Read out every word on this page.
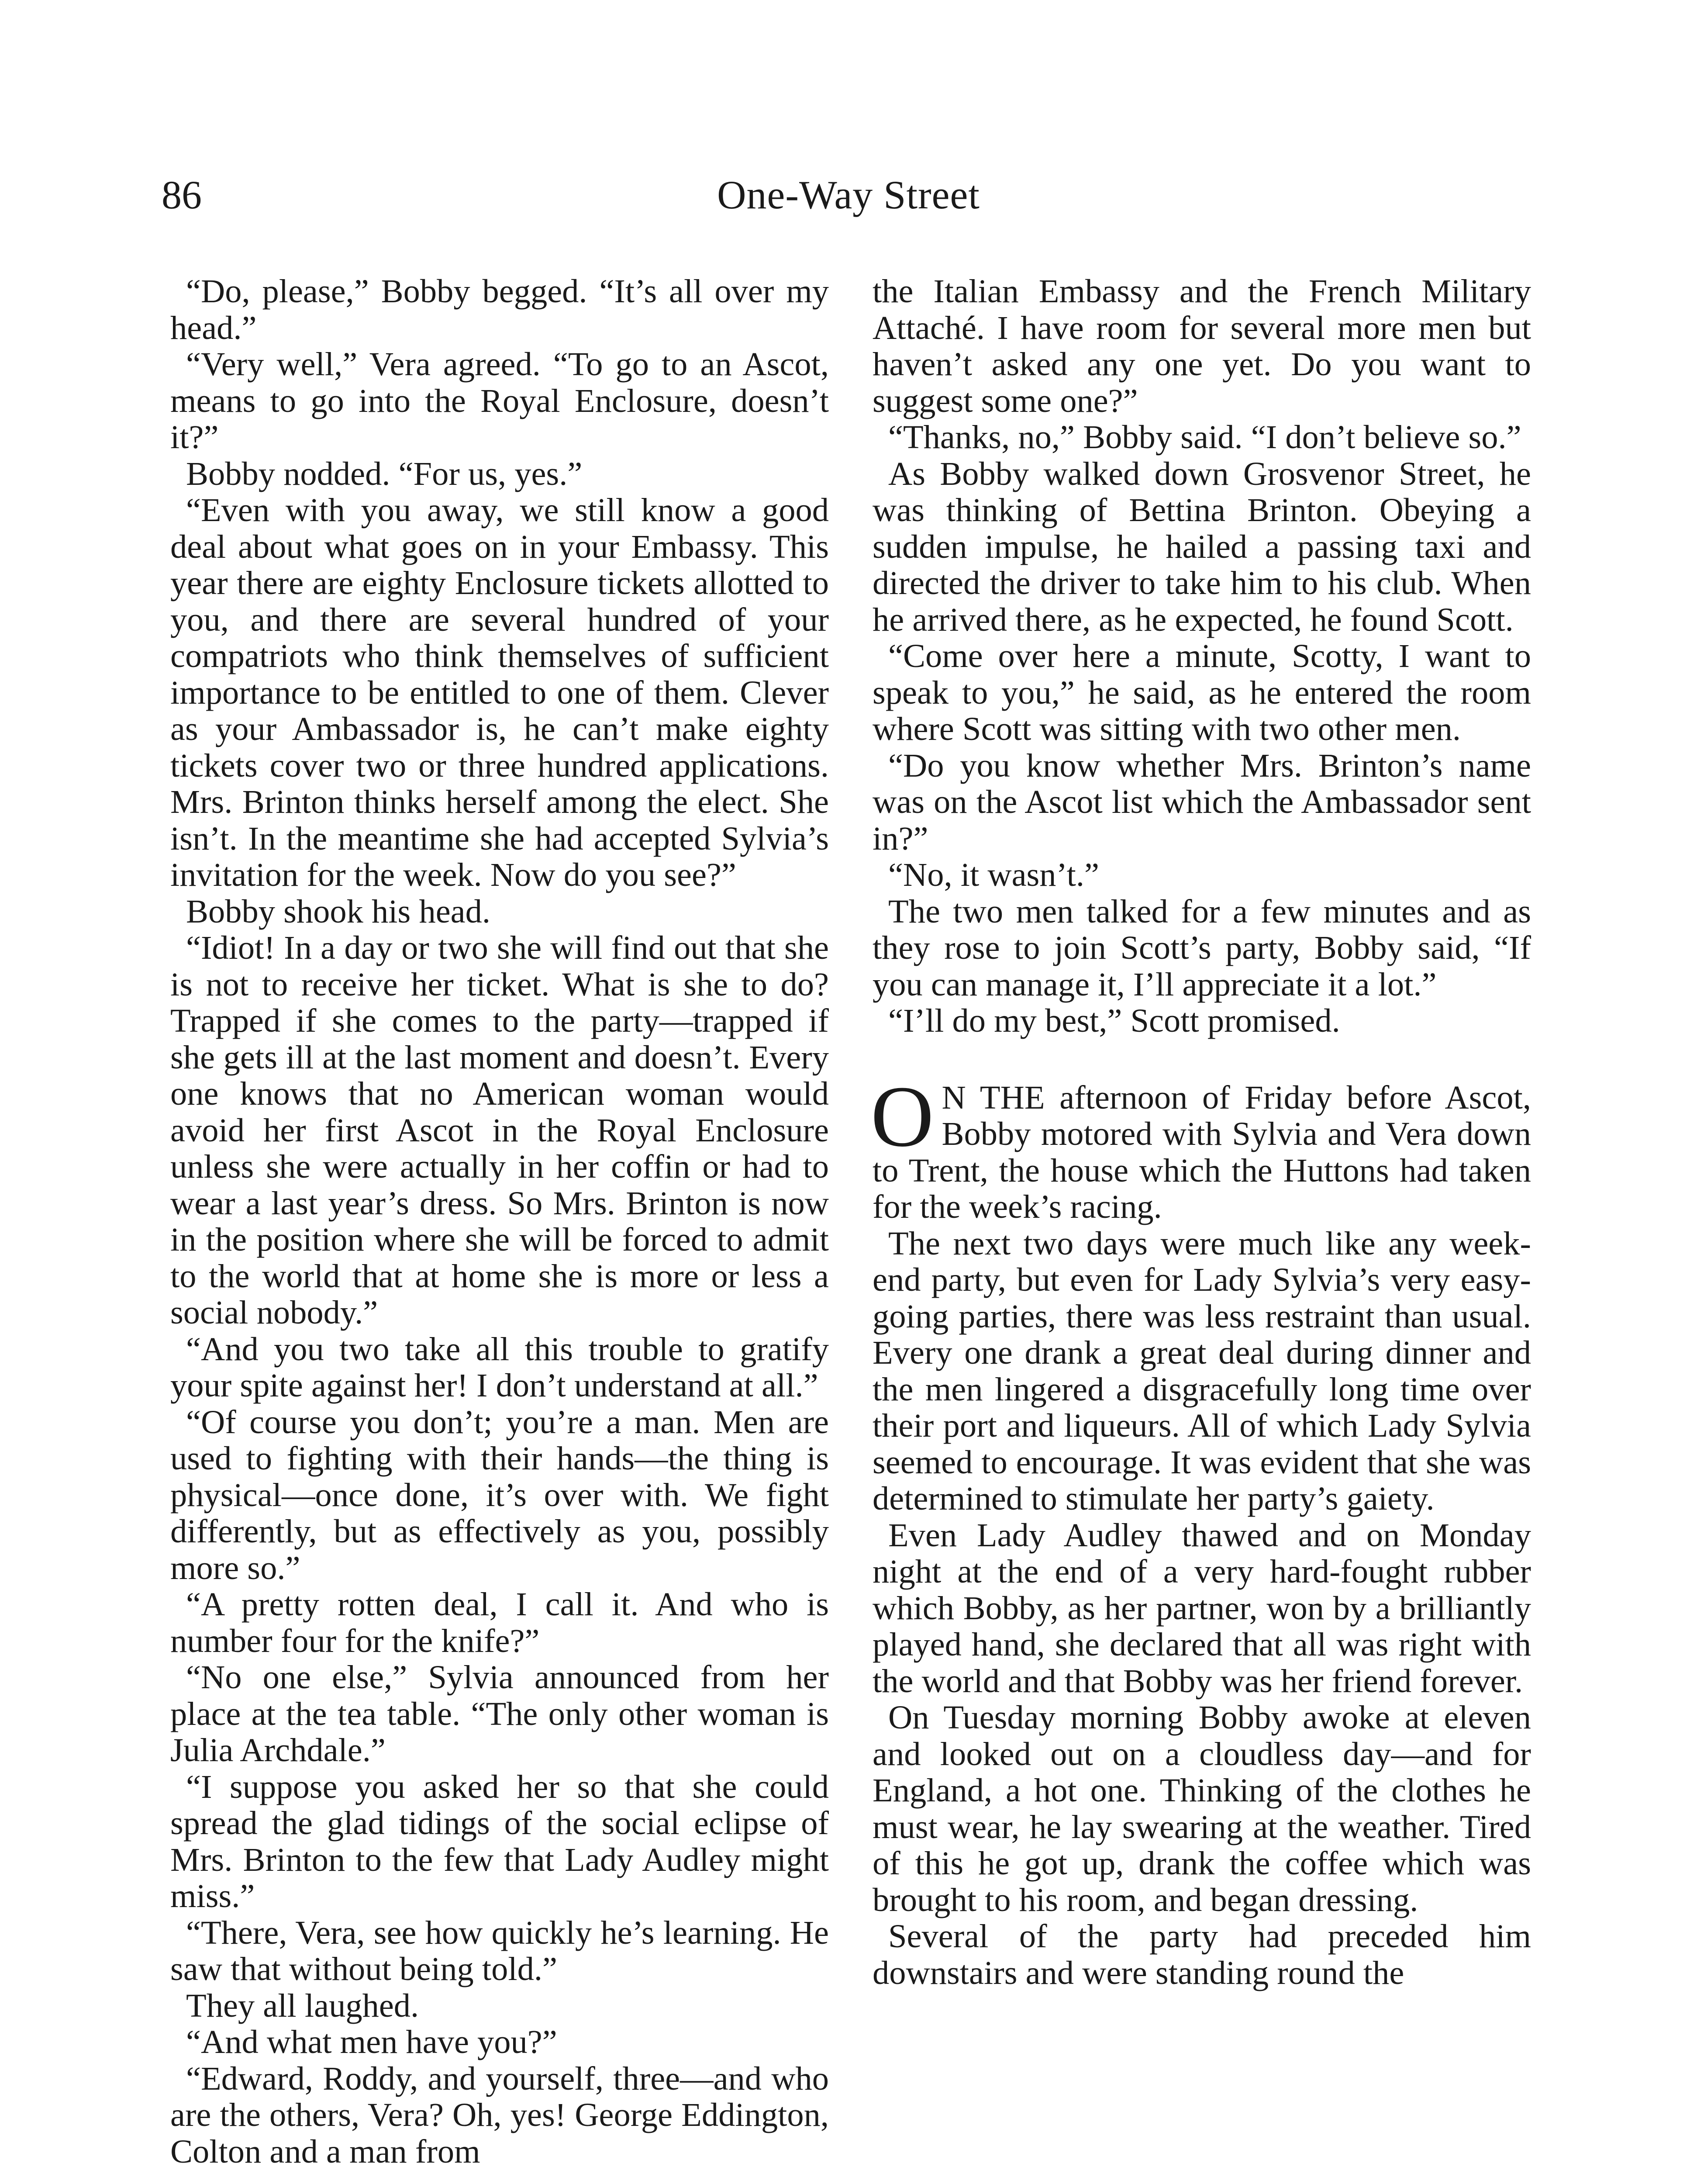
86	One-Way Street

“Do, please,” Bobby begged. “It’s all over my head.”

“Very well,” Vera agreed. “To go to an Ascot, means to go into the Royal Enclosure, doesn’t it?”

Bobby nodded. “For us, yes.”

“Even with you away, we still know a good deal about what goes on in your Embassy. This year there are eighty Enclosure tickets allotted to you, and there are several hundred of your compatriots who think themselves of sufficient importance to be entitled to one of them. Clever as your Ambassador is, he can’t make eighty tickets cover two or three hundred applications. Mrs. Brinton thinks herself among the elect. She isn’t. In the meantime she had accepted Sylvia’s invitation for the week. Now do you see?”

Bobby shook his head.

“Idiot! In a day or two she will find out that she is not to receive her ticket. What is she to do? Trapped if she comes to the party—trapped if she gets ill at the last moment and doesn’t. Every one knows that no American woman would avoid her first Ascot in the Royal Enclosure unless she were actually in her coffin or had to wear a last year’s dress. So Mrs. Brinton is now in the position where she will be forced to admit to the world that at home she is more or less a social nobody.”

“And you two take all this trouble to gratify your spite against her! I don’t understand at all.”

“Of course you don’t; you’re a man. Men are used to fighting with their hands—the thing is physical—once done, it’s over with. We fight differently, but as effectively as you, possibly more so.”

“A pretty rotten deal, I call it. And who is number four for the knife?”

“No one else,” Sylvia announced from her place at the tea table. “The only other woman is Julia Archdale.”

“I suppose you asked her so that she could spread the glad tidings of the social eclipse of Mrs. Brinton to the few that Lady Audley might miss.”

“There, Vera, see how quickly he’s learning. He saw that without being told.”

They all laughed.

“And what men have you?”

“Edward, Roddy, and yourself, three—and who are the others, Vera? Oh, yes! George Eddington, Colton and a man from

the Italian Embassy and the French Military Attaché. I have room for several more men but haven’t asked any one yet. Do you want to suggest some one?”

“Thanks, no,” Bobby said. “I don’t believe so.”

As Bobby walked down Grosvenor Street, he was thinking of Bettina Brinton. Obeying a sudden impulse, he hailed a passing taxi and directed the driver to take him to his club. When he arrived there, as he expected, he found Scott.

“Come over here a minute, Scotty, I want to speak to you,” he said, as he entered the room where Scott was sitting with two other men.

“Do you know whether Mrs. Brinton’s name was on the Ascot list which the Ambassador sent in?”

“No, it wasn’t.”

The two men talked for a few minutes and as they rose to join Scott’s party, Bobby said, “If you can manage it, I’ll appreciate it a lot.”

“I’ll do my best,” Scott promised.

O N THE afternoon of Friday before Ascot, Bobby motored with Sylvia and Vera down to Trent, the house which the Huttons had taken for the week’s racing.

The next two days were much like any week-end party, but even for Lady Sylvia’s very easy-going parties, there was less restraint than usual. Every one drank a great deal during dinner and the men lingered a disgracefully long time over their port and liqueurs. All of which Lady Sylvia seemed to encourage. It was evident that she was determined to stimulate her party’s gaiety.

Even Lady Audley thawed and on Monday night at the end of a very hard-fought rubber which Bobby, as her partner, won by a brilliantly played hand, she declared that all was right with the world and that Bobby was her friend forever.

On Tuesday morning Bobby awoke at eleven and looked out on a cloudless day—and for England, a hot one. Thinking of the clothes he must wear, he lay swearing at the weather. Tired of this he got up, drank the coffee which was brought to his room, and began dressing.

Several of the party had preceded him downstairs and were standing round the
